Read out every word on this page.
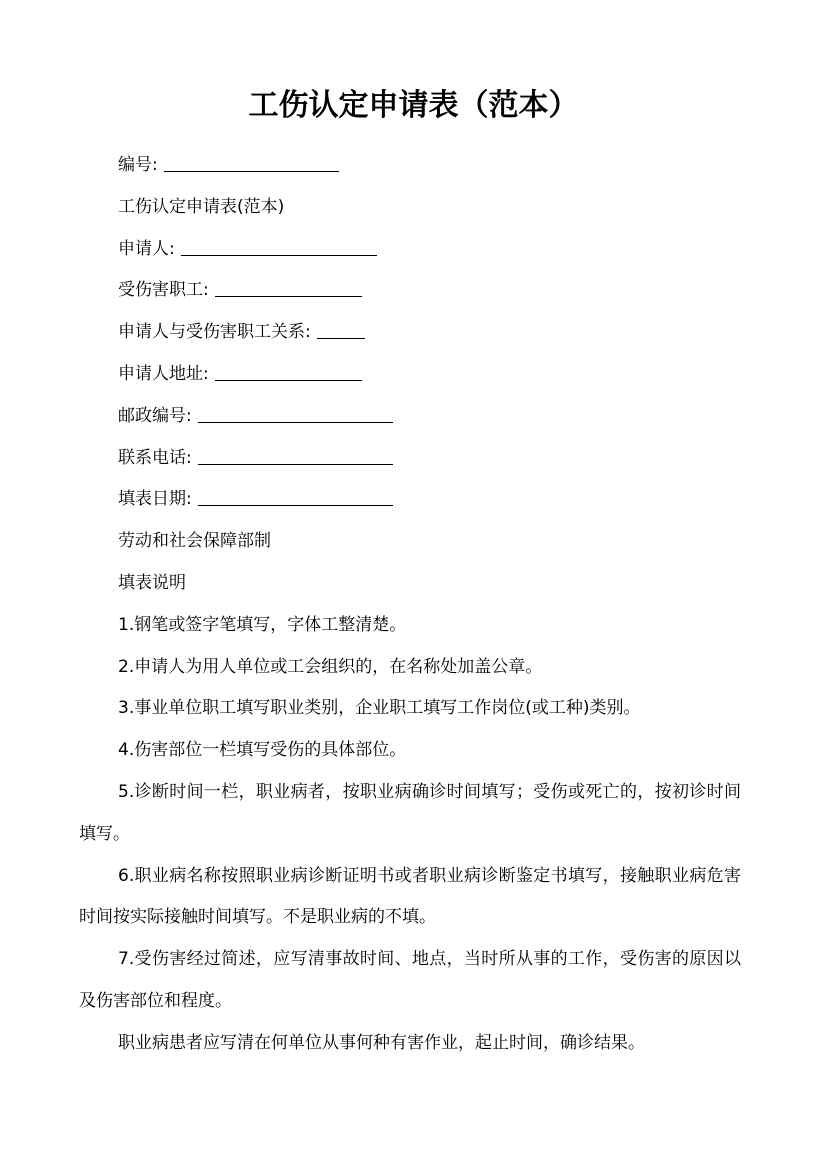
工伤认定申请表（范本）

编号:

工伤认定申请表(范本)

申请人:

受伤害职工:

申请人与受伤害职工关系:

申请人地址:

邮政编号:

联系电话:

填表日期:

劳动和社会保障部制

填表说明

1.钢笔或签字笔填写，字体工整清楚。

2.申请人为用人单位或工会组织的，在名称处加盖公章。

3.事业单位职工填写职业类别，企业职工填写工作岗位(或工种)类别。

4.伤害部位一栏填写受伤的具体部位。

5.诊断时间一栏，职业病者，按职业病确诊时间填写；受伤或死亡的，按初诊时间填写。

6.职业病名称按照职业病诊断证明书或者职业病诊断鉴定书填写，接触职业病危害时间按实际接触时间填写。不是职业病的不填。

7.受伤害经过简述，应写清事故时间、地点，当时所从事的工作，受伤害的原因以及伤害部位和程度。

职业病患者应写清在何单位从事何种有害作业，起止时间，确诊结果。
